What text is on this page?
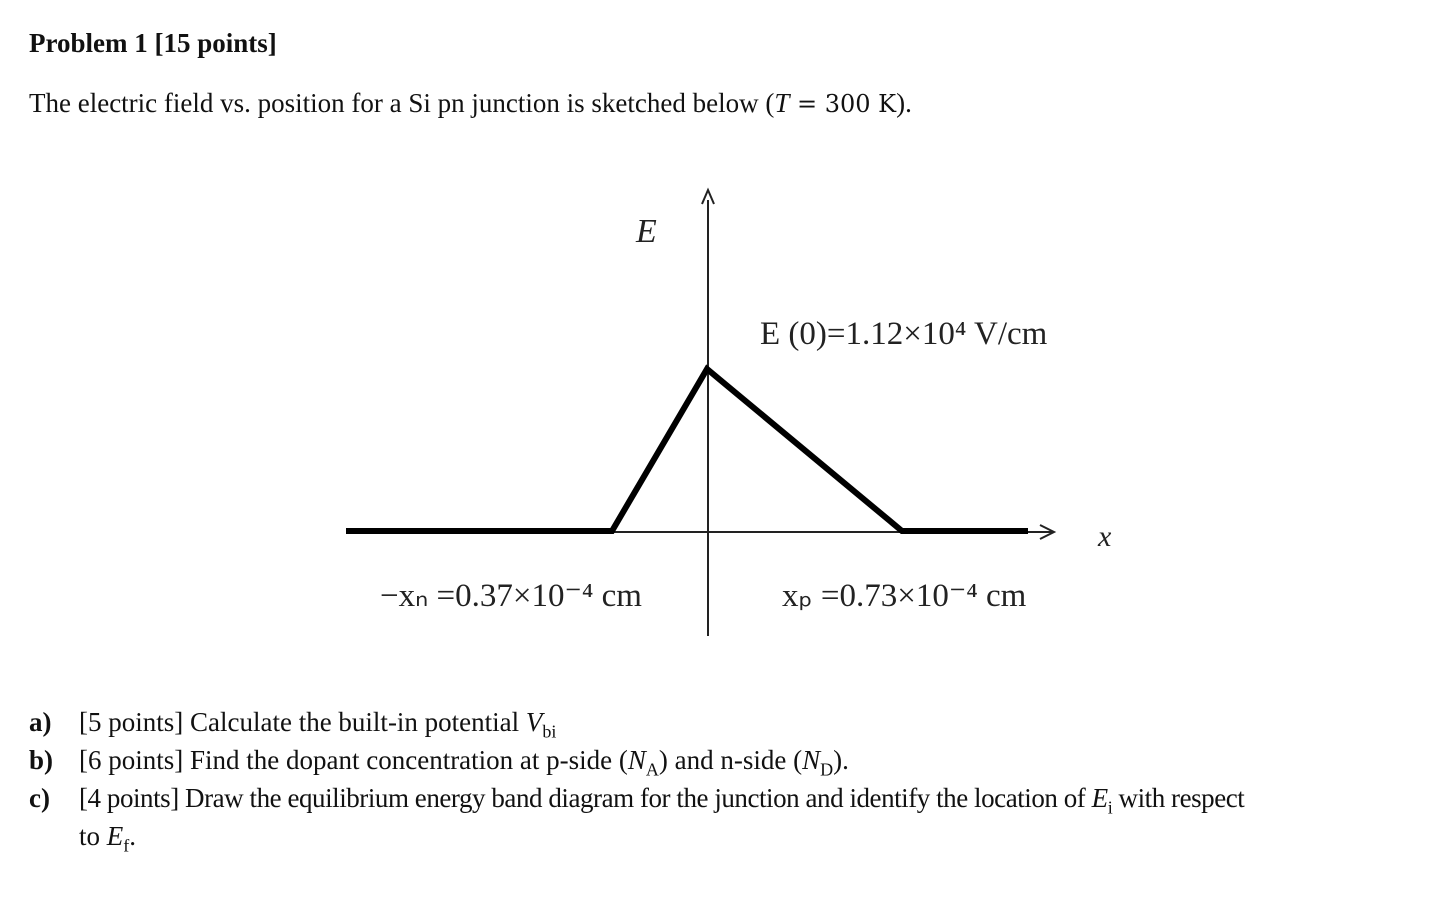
Problem 1 [15 points]
The electric field vs. position for a Si pn junction is sketched below (T = 300 K).
E
x
E (0)=1.12×10⁴ V/cm
−xₙ =0.37×10⁻⁴ cm	xₚ =0.73×10⁻⁴ cm
a) [5 points] Calculate the built-in potential $V_{bi}$
b) [6 points] Find the dopant concentration at p-side $(N_A)$ and n-side $(N_D)$.
c) [4 points] Draw the equilibrium energy band diagram for the junction and identify the location of $E_i$ with respect
to $E_f$.
